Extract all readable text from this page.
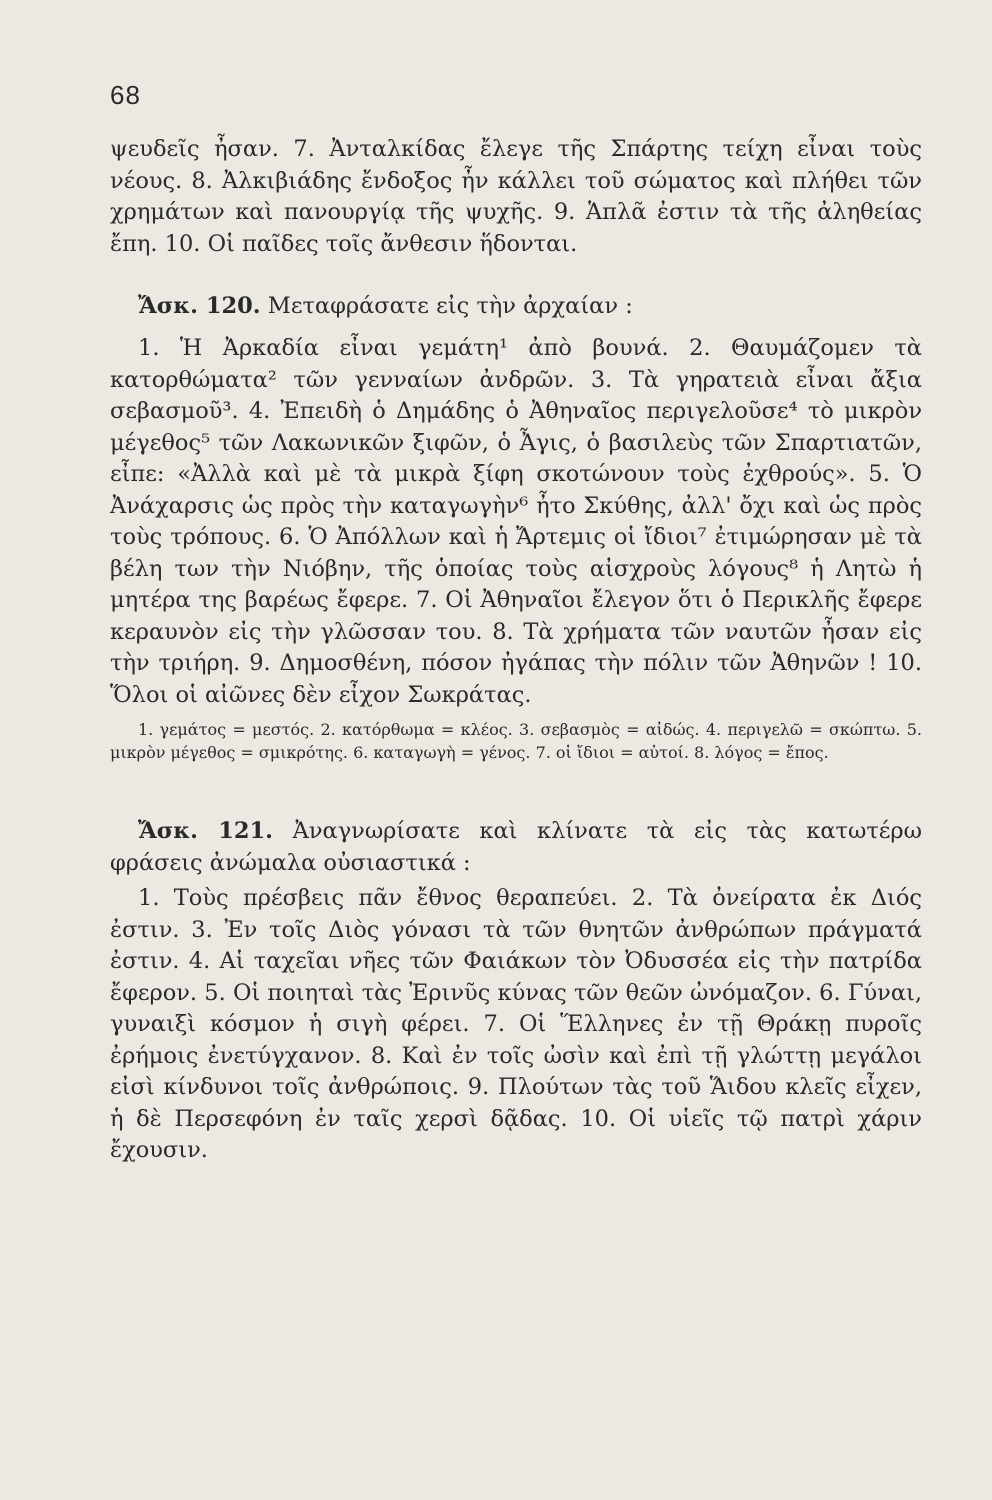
68

ψευδεῖς ἦσαν. 7. Ἀνταλκίδας ἔλεγε τῆς Σπάρτης τείχη εἶναι τοὺς νέους. 8. Ἀλκιβιάδης ἔνδοξος ἦν κάλλει τοῦ σώματος καὶ πλήθει τῶν χρημάτων καὶ πανουργίᾳ τῆς ψυχῆς. 9. Ἁπλᾶ ἐστιν τὰ τῆς ἀληθείας ἔπη. 10. Οἱ παῖδες τοῖς ἄνθεσιν ἥδονται.

Ἄσκ. 120. Μεταφράσατε εἰς τὴν ἀρχαίαν :

1. Ἡ Ἀρκαδία εἶναι γεμάτη¹ ἀπὸ βουνά. 2. Θαυμάζομεν τὰ κατορθώματα² τῶν γενναίων ἀνδρῶν. 3. Τὰ γηρατειὰ εἶναι ἄξια σεβασμοῦ³. 4. Ἐπειδὴ ὁ Δημάδης ὁ Ἀθηναῖος περιγελοῦσε⁴ τὸ μικρὸν μέγεθος⁵ τῶν Λακωνικῶν ξιφῶν, ὁ Ἆγις, ὁ βασιλεὺς τῶν Σπαρτιατῶν, εἶπε: «Ἀλλὰ καὶ μὲ τὰ μικρὰ ξίφη σκοτώνουν τοὺς ἐχθρούς». 5. Ὁ Ἀνάχαρσις ὡς πρὸς τὴν καταγωγὴν⁶ ἦτο Σκύθης, ἀλλ' ὄχι καὶ ὡς πρὸς τοὺς τρόπους. 6. Ὁ Ἀπόλλων καὶ ἡ Ἄρτεμις οἱ ἴδιοι⁷ ἐτιμώρησαν μὲ τὰ βέλη των τὴν Νιόβην, τῆς ὁποίας τοὺς αἰσχροὺς λόγους⁸ ἡ Λητὼ ἡ μητέρα της βαρέως ἔφερε. 7. Οἱ Ἀθηναῖοι ἔλεγον ὅτι ὁ Περικλῆς ἔφερε κεραυνὸν εἰς τὴν γλῶσσαν του. 8. Τὰ χρήματα τῶν ναυτῶν ἦσαν εἰς τὴν τριήρη. 9. Δημοσθένη, πόσον ἠγάπας τὴν πόλιν τῶν Ἀθηνῶν ! 10. Ὅλοι οἱ αἰῶνες δὲν εἶχον Σωκράτας.

1. γεμάτος = μεστός. 2. κατόρθωμα = κλέος. 3. σεβασμὸς = αἰδώς. 4. περιγελῶ = σκώπτω. 5. μικρὸν μέγεθος = σμικρότης. 6. καταγωγὴ = γένος. 7. οἱ ἴδιοι = αὐτοί. 8. λόγος = ἔπος.

Ἄσκ. 121. Ἀναγνωρίσατε καὶ κλίνατε τὰ εἰς τὰς κατωτέρω φράσεις ἀνώμαλα οὐσιαστικά :

1. Τοὺς πρέσβεις πᾶν ἔθνος θεραπεύει. 2. Τὰ ὀνείρατα ἐκ Διός ἐστιν. 3. Ἐν τοῖς Διὸς γόνασι τὰ τῶν θνητῶν ἀνθρώπων πράγματά ἐστιν. 4. Αἱ ταχεῖαι νῆες τῶν Φαιάκων τὸν Ὀδυσσέα εἰς τὴν πατρίδα ἔφερον. 5. Οἱ ποιηταὶ τὰς Ἐρινῦς κύνας τῶν θεῶν ὠνόμαζον. 6. Γύναι, γυναιξὶ κόσμον ἡ σιγὴ φέρει. 7. Οἱ Ἕλληνες ἐν τῇ Θράκῃ πυροῖς ἐρήμοις ἐνετύγχανον. 8. Καὶ ἐν τοῖς ὠσὶν καὶ ἐπὶ τῇ γλώττῃ μεγάλοι εἰσὶ κίνδυνοι τοῖς ἀνθρώποις. 9. Πλούτων τὰς τοῦ Ἅιδου κλεῖς εἶχεν, ἡ δὲ Περσεφόνη ἐν ταῖς χερσὶ δᾷδας. 10. Οἱ υἱεῖς τῷ πατρὶ χάριν ἔχουσιν.
